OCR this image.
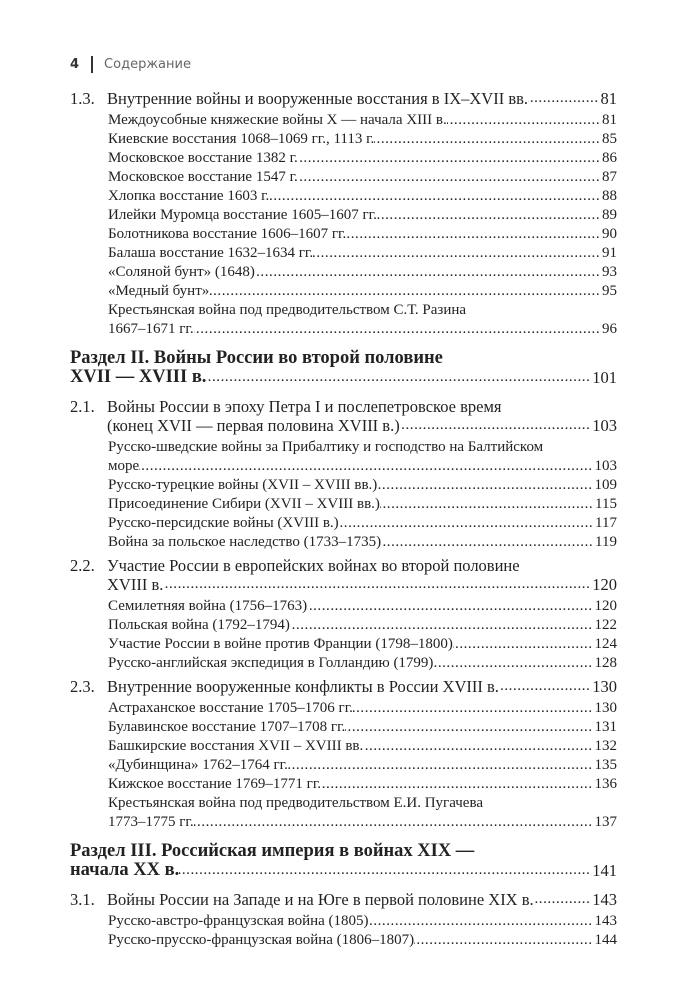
4 Содержание
1.3. Внутренние войны и вооруженные восстания в IX–XVII вв. . . .	81
Междоусобные княжеские войны X — начала XIII в. . . .	81
Киевские восстания 1068–1069 гг., 1113 г. . . .	85
Московское восстание 1382 г. . . .	86
Московское восстание 1547 г. . . .	87
Хлопка восстание 1603 г. . . .	88
Илейки Муромца восстание 1605–1607 гг. . . .	89
Болотникова восстание 1606–1607 гг. . . .	90
Балаша восстание 1632–1634 гг. . . .	91
«Соляной бунт» (1648) . . .	93
«Медный бунт» . . .	95
Крестьянская война под предводительством С.Т. Разина
1667–1671 гг. . . .	96
Раздел II. Войны России во второй половине
XVII — XVIII в. . . .	101
2.1. Войны России в эпоху Петра I и послепетровское время
(конец XVII — первая половина XVIII в.) . . .	103
Русско-шведские войны за Прибалтику и господство на Балтийском
море . . .	103
Русско-турецкие войны (XVII – XVIII вв.) . . .	109
Присоединение Сибири (XVII – XVIII вв.) . . .	115
Русско-персидские войны (XVIII в.) . . .	117
Война за польское наследство (1733–1735) . . .	119
2.2. Участие России в европейских войнах во второй половине
XVIII в. . . .	120
Семилетняя война (1756–1763) . . .	120
Польская война (1792–1794) . . .	122
Участие России в войне против Франции (1798–1800) . . .	124
Русско-английская экспедиция в Голландию (1799) . . .	128
2.3. Внутренние вооруженные конфликты в России XVIII в. . . .	130
Астраханское восстание 1705–1706 гг. . . .	130
Булавинское восстание 1707–1708 гг. . . .	131
Башкирские восстания XVII – XVIII вв. . . .	132
«Дубинщина» 1762–1764 гг. . . .	135
Кижское восстание 1769–1771 гг. . . .	136
Крестьянская война под предводительством Е.И. Пугачева
1773–1775 гг. . . .	137
Раздел III. Российская империя в войнах XIX —
начала XX в. . . .	141
3.1. Войны России на Западе и на Юге в первой половине XIX в. . . .	143
Русско-австро-французская война (1805) . . .	143
Русско-прусско-французская война (1806–1807) . . .	144
